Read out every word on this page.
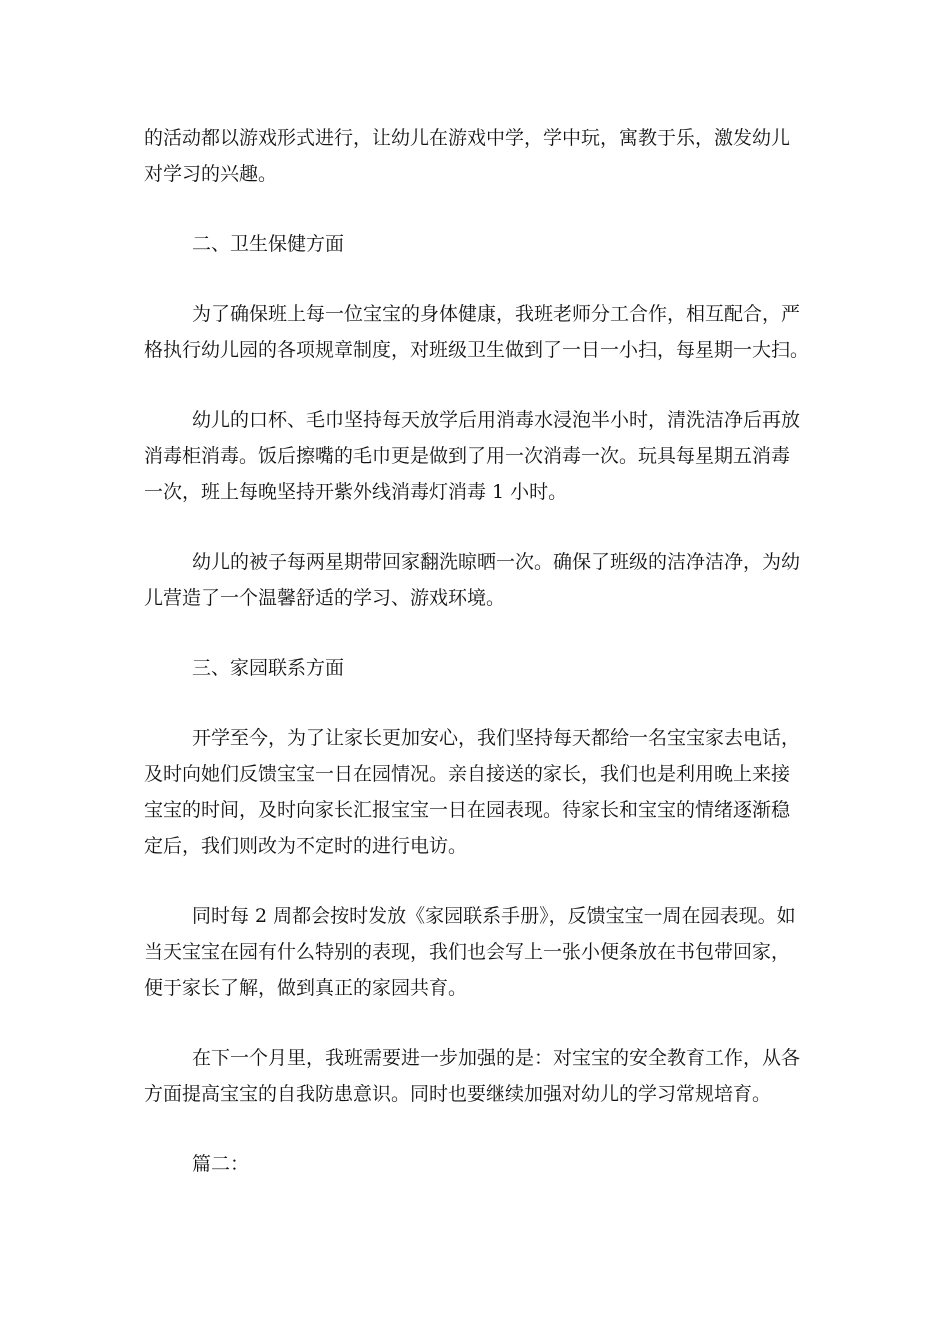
的活动都以游戏形式进行，让幼儿在游戏中学，学中玩，寓教于乐，激发幼儿
对学习的兴趣。

二、卫生保健方面

为了确保班上每一位宝宝的身体健康，我班老师分工合作，相互配合，严
格执行幼儿园的各项规章制度，对班级卫生做到了一日一小扫，每星期一大扫。

幼儿的口杯、毛巾坚持每天放学后用消毒水浸泡半小时，清洗洁净后再放
消毒柜消毒。饭后擦嘴的毛巾更是做到了用一次消毒一次。玩具每星期五消毒
一次，班上每晚坚持开紫外线消毒灯消毒 1 小时。

幼儿的被子每两星期带回家翻洗晾晒一次。确保了班级的洁净洁净，为幼
儿营造了一个温馨舒适的学习、游戏环境。

三、家园联系方面

开学至今，为了让家长更加安心，我们坚持每天都给一名宝宝家去电话，
及时向她们反馈宝宝一日在园情况。亲自接送的家长，我们也是利用晚上来接
宝宝的时间，及时向家长汇报宝宝一日在园表现。待家长和宝宝的情绪逐渐稳
定后，我们则改为不定时的进行电访。

同时每 2 周都会按时发放《家园联系手册》，反馈宝宝一周在园表现。如
当天宝宝在园有什么特别的表现，我们也会写上一张小便条放在书包带回家，
便于家长了解，做到真正的家园共育。

在下一个月里，我班需要进一步加强的是：对宝宝的安全教育工作，从各
方面提高宝宝的自我防患意识。同时也要继续加强对幼儿的学习常规培育。

篇二：
